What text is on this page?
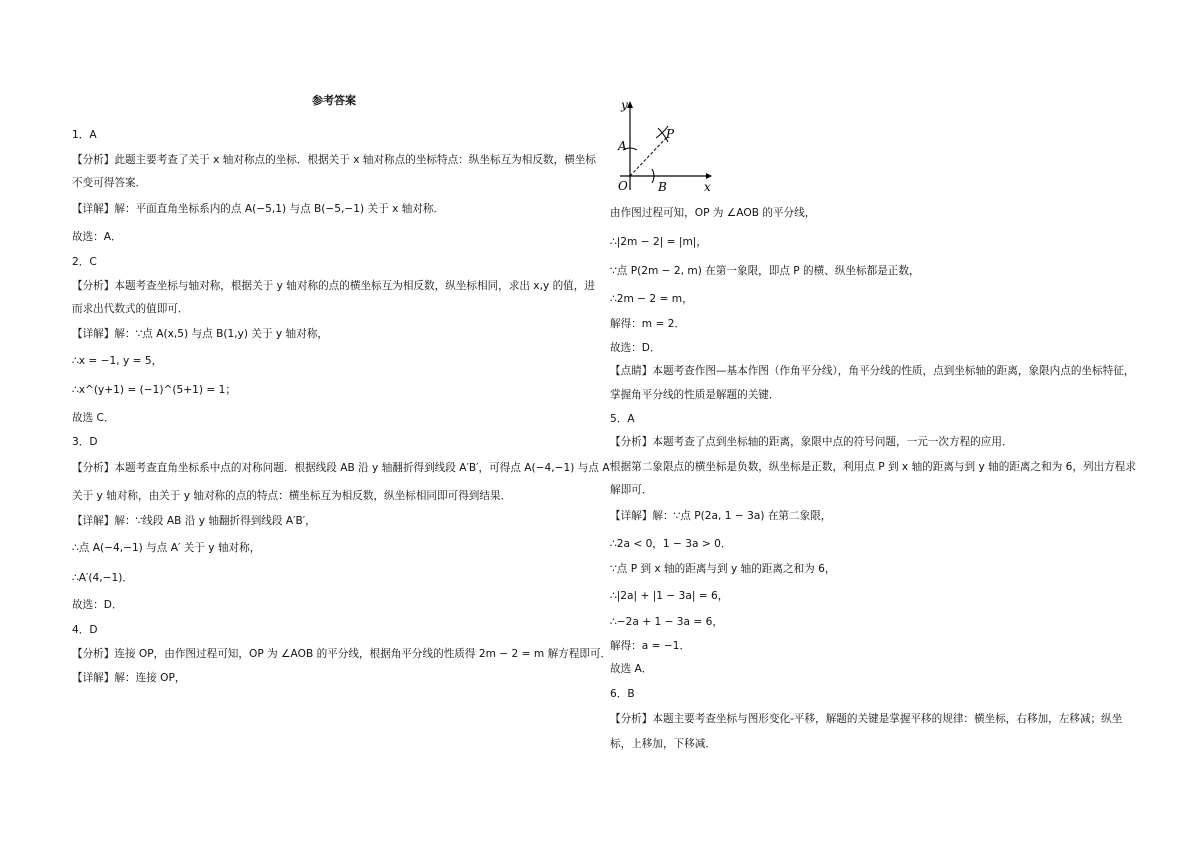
参考答案
1．A
【分析】此题主要考查了关于 x 轴对称点的坐标．根据关于 x 轴对称点的坐标特点：纵坐标互为相反数，横坐标
不变可得答案．
【详解】解：平面直角坐标系内的点 A(−5,1) 与点 B(−5,−1) 关于 x 轴对称．
故选：A．
2．C
【分析】本题考查坐标与轴对称，根据关于 y 轴对称的点的横坐标互为相反数，纵坐标相同，求出 x,y 的值，进
而求出代数式的值即可．
【详解】解：∵点 A(x,5) 与点 B(1,y) 关于 y 轴对称，
∴x = −1, y = 5，
∴x^(y+1) = (−1)^(5+1) = 1；
故选 C．
3．D
【分析】本题考查直角坐标系中点的对称问题．根据线段 AB 沿 y 轴翻折得到线段 A′B′，可得点 A(−4,−1) 与点 A′
关于 y 轴对称，由关于 y 轴对称的点的特点：横坐标互为相反数，纵坐标相同即可得到结果．
【详解】解：∵线段 AB 沿 y 轴翻折得到线段 A′B′，
∴点 A(−4,−1) 与点 A′ 关于 y 轴对称，
∴A′(4,−1)．
故选：D．
4．D
【分析】连接 OP，由作图过程可知，OP 为 ∠AOB 的平分线，根据角平分线的性质得 2m − 2 = m 解方程即可．
【详解】解：连接 OP，
y
x
O
A
B
P
由作图过程可知，OP 为 ∠AOB 的平分线，
∴|2m − 2| = |m|，
∵点 P(2m − 2, m) 在第一象限，即点 P 的横、纵坐标都是正数，
∴2m − 2 = m，
解得：m = 2．
故选：D．
【点睛】本题考查作图—基本作图（作角平分线），角平分线的性质，点到坐标轴的距离，象限内点的坐标特征，
掌握角平分线的性质是解题的关键．
5．A
【分析】本题考查了点到坐标轴的距离，象限中点的符号问题，一元一次方程的应用．
根据第二象限点的横坐标是负数，纵坐标是正数，利用点 P 到 x 轴的距离与到 y 轴的距离之和为 6，列出方程求
解即可．
【详解】解：∵点 P(2a, 1 − 3a) 在第二象限，
∴2a < 0，1 − 3a > 0．
∵点 P 到 x 轴的距离与到 y 轴的距离之和为 6，
∴|2a| + |1 − 3a| = 6，
∴−2a + 1 − 3a = 6，
解得：a = −1．
故选 A．
6．B
【分析】本题主要考查坐标与图形变化-平移，解题的关键是掌握平移的规律：横坐标，右移加，左移减；纵坐
标，上移加，下移减．
